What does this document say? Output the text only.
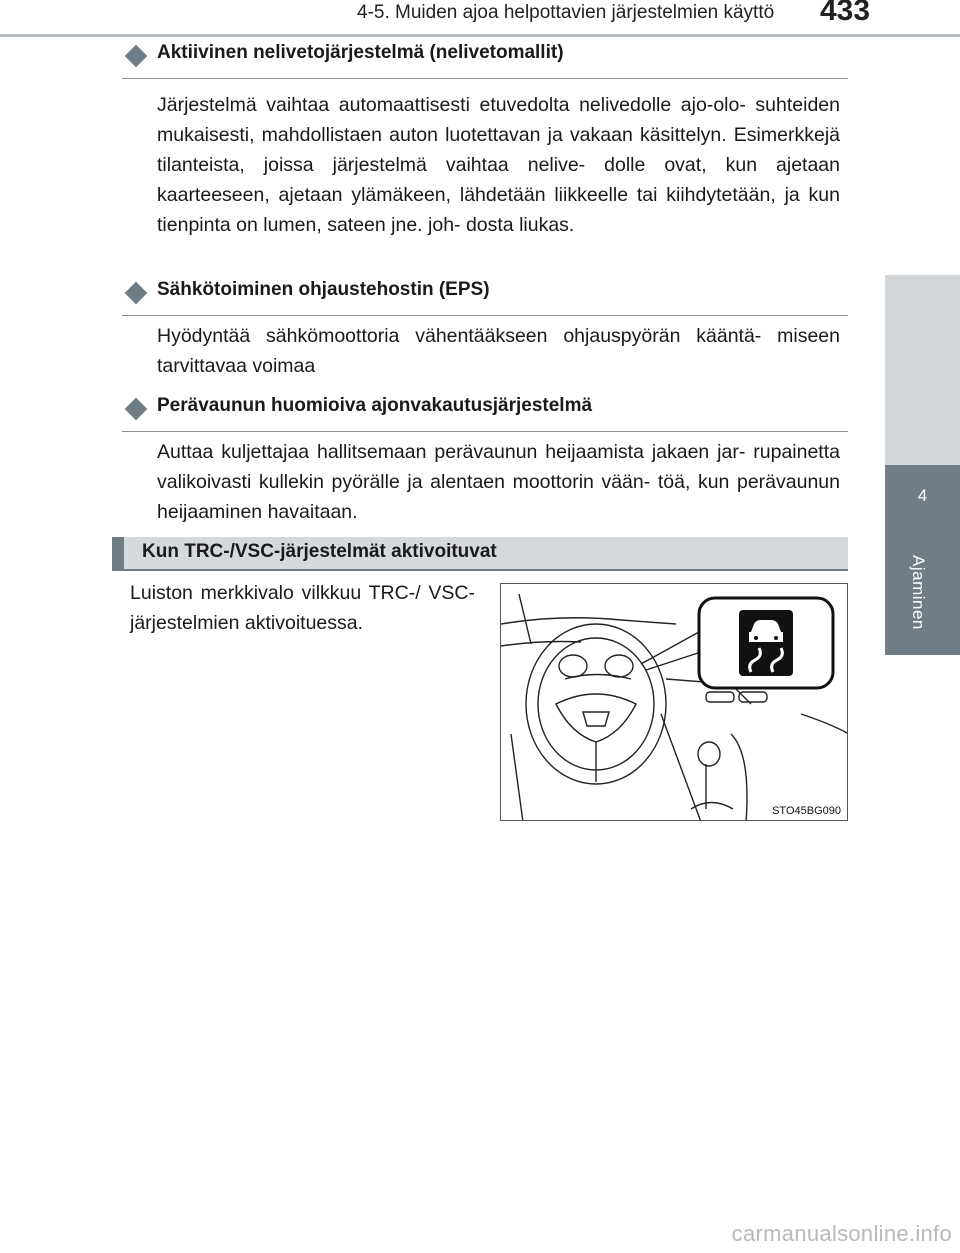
4-5. Muiden ajoa helpottavien järjestelmien käyttö 433
4
Ajaminen
Aktiivinen nelivetojärjestelmä (nelivetomallit)

Järjestelmä vaihtaa automaattisesti etuvedolta nelivedolle ajo-olo- suhteiden mukaisesti, mahdollistaen auton luotettavan ja vakaan käsittelyn. Esimerkkejä tilanteista, joissa järjestelmä vaihtaa nelive- dolle ovat, kun ajetaan kaarteeseen, ajetaan ylämäkeen, lähdetään liikkeelle tai kiihdytetään, ja kun tienpinta on lumen, sateen jne. joh- dosta liukas.

Sähkötoiminen ohjaustehostin (EPS)

Hyödyntää sähkömoottoria vähentääkseen ohjauspyörän kääntä- miseen tarvittavaa voimaa

Perävaunun huomioiva ajonvakautusjärjestelmä

Auttaa kuljettajaa hallitsemaan perävaunun heijaamista jakaen jar- rupainetta valikoivasti kullekin pyörälle ja alentaen moottorin vään- töä, kun perävaunun heijaaminen havaitaan.

Kun TRC-/VSC-järjestelmät aktivoituvat

Luiston merkkivalo vilkkuu TRC-/ VSC-järjestelmien aktivoituessa.

STO45BG090
carmanualsonline.info
